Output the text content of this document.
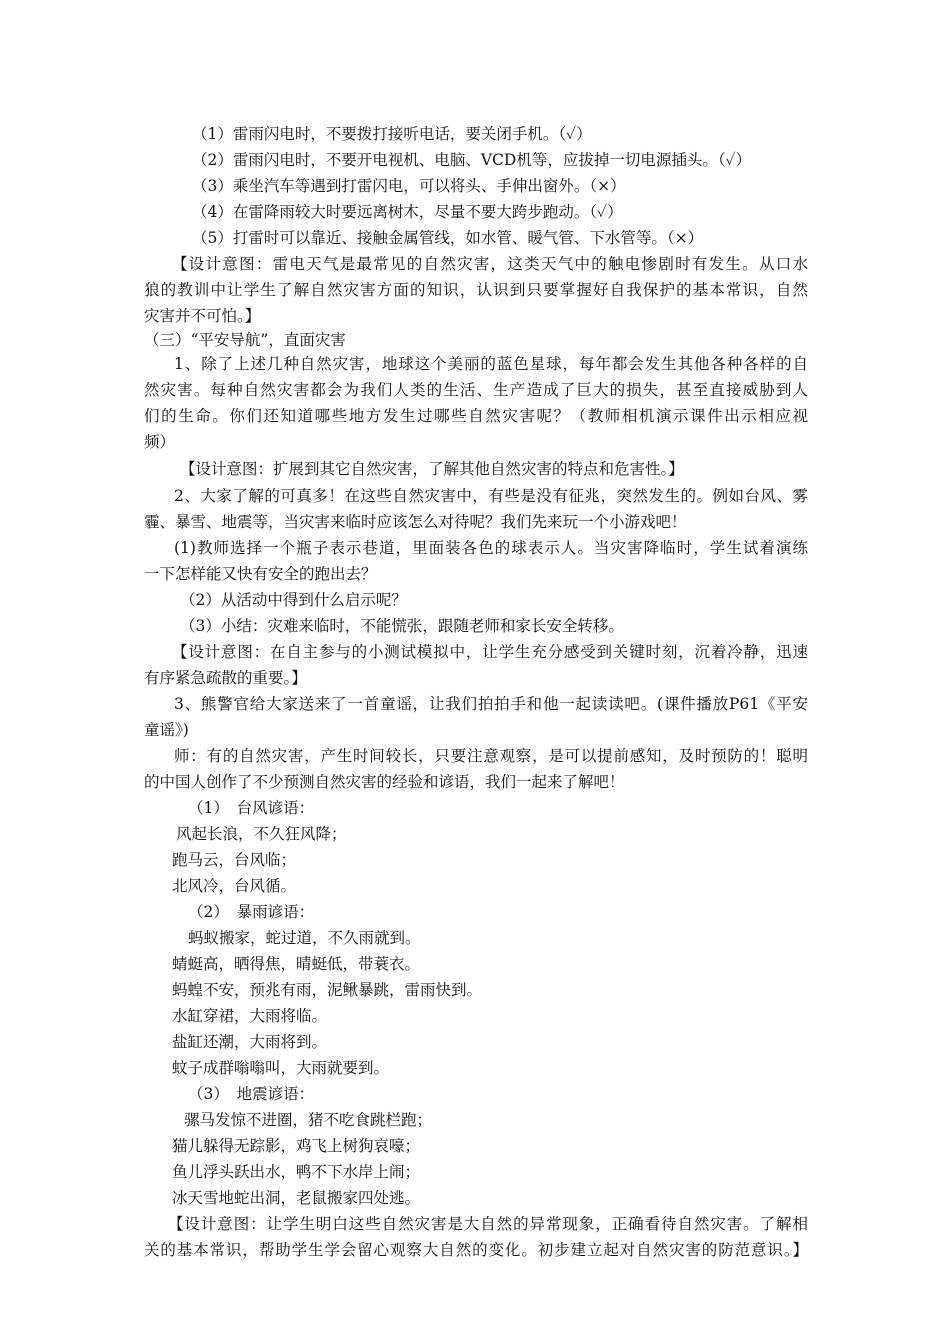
（1）雷雨闪电时，不要拨打接听电话，要关闭手机。（✓）
（2）雷雨闪电时，不要开电视机、电脑、VCD机等，应拔掉一切电源插头。（✓）
（3）乘坐汽车等遇到打雷闪电，可以将头、手伸出窗外。（×）
（4）在雷降雨较大时要远离树木，尽量不要大跨步跑动。（✓）
（5）打雷时可以靠近、接触金属管线，如水管、暖气管、下水管等。（×）
【设计意图：雷电天气是最常见的自然灾害，这类天气中的触电惨剧时有发生。从口水
狼的教训中让学生了解自然灾害方面的知识，认识到只要掌握好自我保护的基本常识，自然
灾害并不可怕。】
（三）“平安导航”，直面灾害
1、除了上述几种自然灾害，地球这个美丽的蓝色星球，每年都会发生其他各种各样的自
然灾害。每种自然灾害都会为我们人类的生活、生产造成了巨大的损失，甚至直接威胁到人
们的生命。你们还知道哪些地方发生过哪些自然灾害呢？（教师相机演示课件出示相应视
频）
【设计意图：扩展到其它自然灾害，了解其他自然灾害的特点和危害性。】
2、大家了解的可真多！在这些自然灾害中，有些是没有征兆，突然发生的。例如台风、雾
霾、暴雪、地震等，当灾害来临时应该怎么对待呢？我们先来玩一个小游戏吧！
(1)教师选择一个瓶子表示巷道，里面装各色的球表示人。当灾害降临时，学生试着演练
一下怎样能又快有安全的跑出去？
（2）从活动中得到什么启示呢？
（3）小结：灾难来临时，不能慌张，跟随老师和家长安全转移。
【设计意图：在自主参与的小测试模拟中，让学生充分感受到关键时刻，沉着冷静，迅速
有序紧急疏散的重要。】
3、熊警官给大家送来了一首童谣，让我们拍拍手和他一起读读吧。(课件播放P61《平安
童谣》)
师：有的自然灾害，产生时间较长，只要注意观察，是可以提前感知，及时预防的！聪明
的中国人创作了不少预测自然灾害的经验和谚语，我们一起来了解吧！
（1）　台风谚语：
风起长浪，不久狂风降；
跑马云，台风临；
北风冷，台风循。
（2）　暴雨谚语：
蚂蚁搬家，蛇过道，不久雨就到。
蜻蜓高，晒得焦，晴蜓低，带蓑衣。
蚂蝗不安，预兆有雨，泥鳅暴跳，雷雨快到。
水缸穿裙，大雨将临。
盐缸还潮，大雨将到。
蚊子成群嗡嗡叫，大雨就要到。
（3）　地震谚语：
骡马发惊不进圈，猪不吃食跳栏跑；
猫儿躲得无踪影，鸡飞上树狗哀嚎；
鱼儿浮头跃出水，鸭不下水岸上闹；
冰天雪地蛇出洞，老鼠搬家四处逃。
【设计意图：让学生明白这些自然灾害是大自然的异常现象，正确看待自然灾害。了解相
关的基本常识，帮助学生学会留心观察大自然的变化。初步建立起对自然灾害的防范意识。】
